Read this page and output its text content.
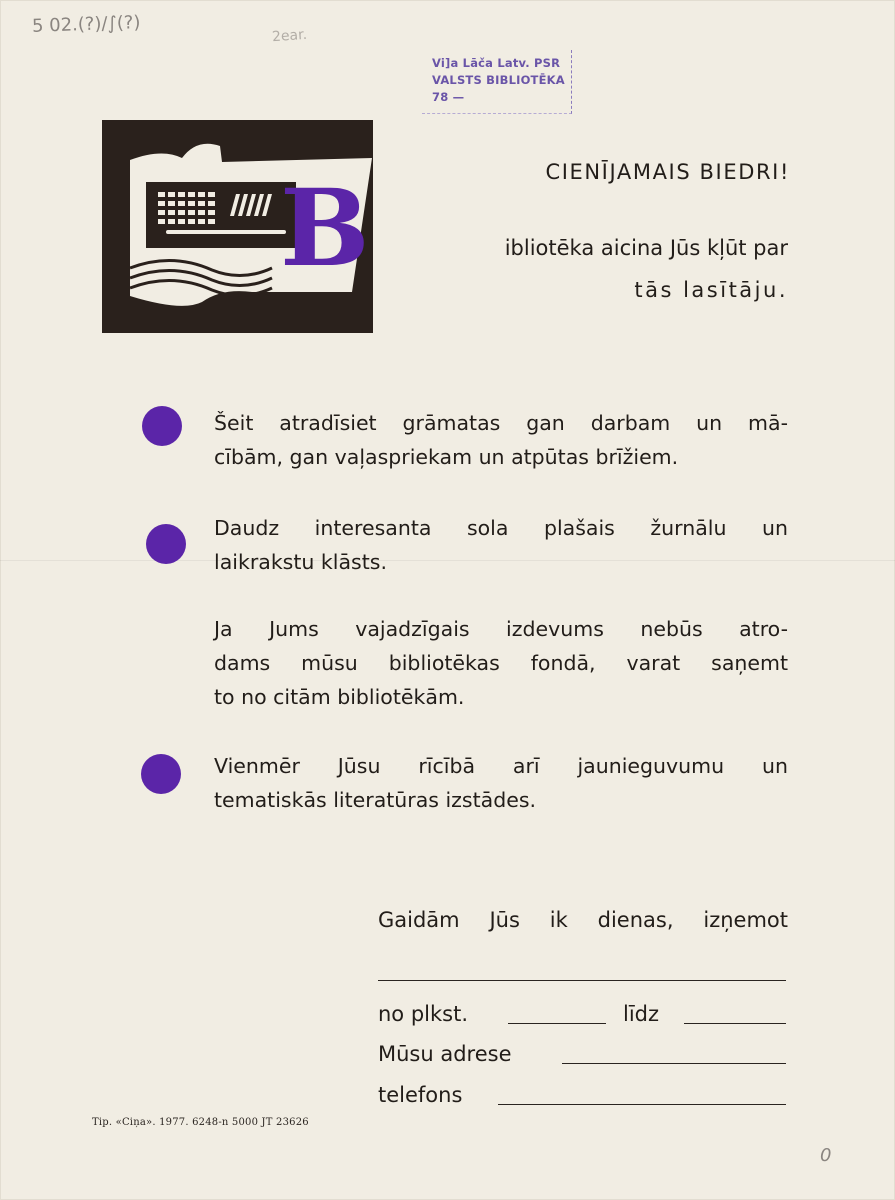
5 02.(?)/∫(?)	2ear.
0
Vi]a Lāča Latv. PSR
VALSTS BIBLIOTĒKA
78 —
B	CIENĪJAMAIS BIEDRI!
ibliotēka aicina Jūs kļūt par
tās lasītāju.
Šeit atradīsiet grāmatas gan darbam un mā-
cībām, gan vaļaspriekam un atpūtas brīžiem.
Daudz interesanta sola plašais žurnālu un
laikrakstu klāsts.
Ja Jums vajadzīgais izdevums nebūs atro-
dams mūsu bibliotēkas fondā, varat saņemt
to no citām bibliotēkām.
Vienmēr Jūsu rīcībā arī jaunieguvumu un
tematiskās literatūras izstādes.
Gaidām Jūs ik dienas, izņemot
no plkst.	līdz
Mūsu adrese
telefons
Tip. «Ciņa». 1977. 6248-n 5000 JT 23626
